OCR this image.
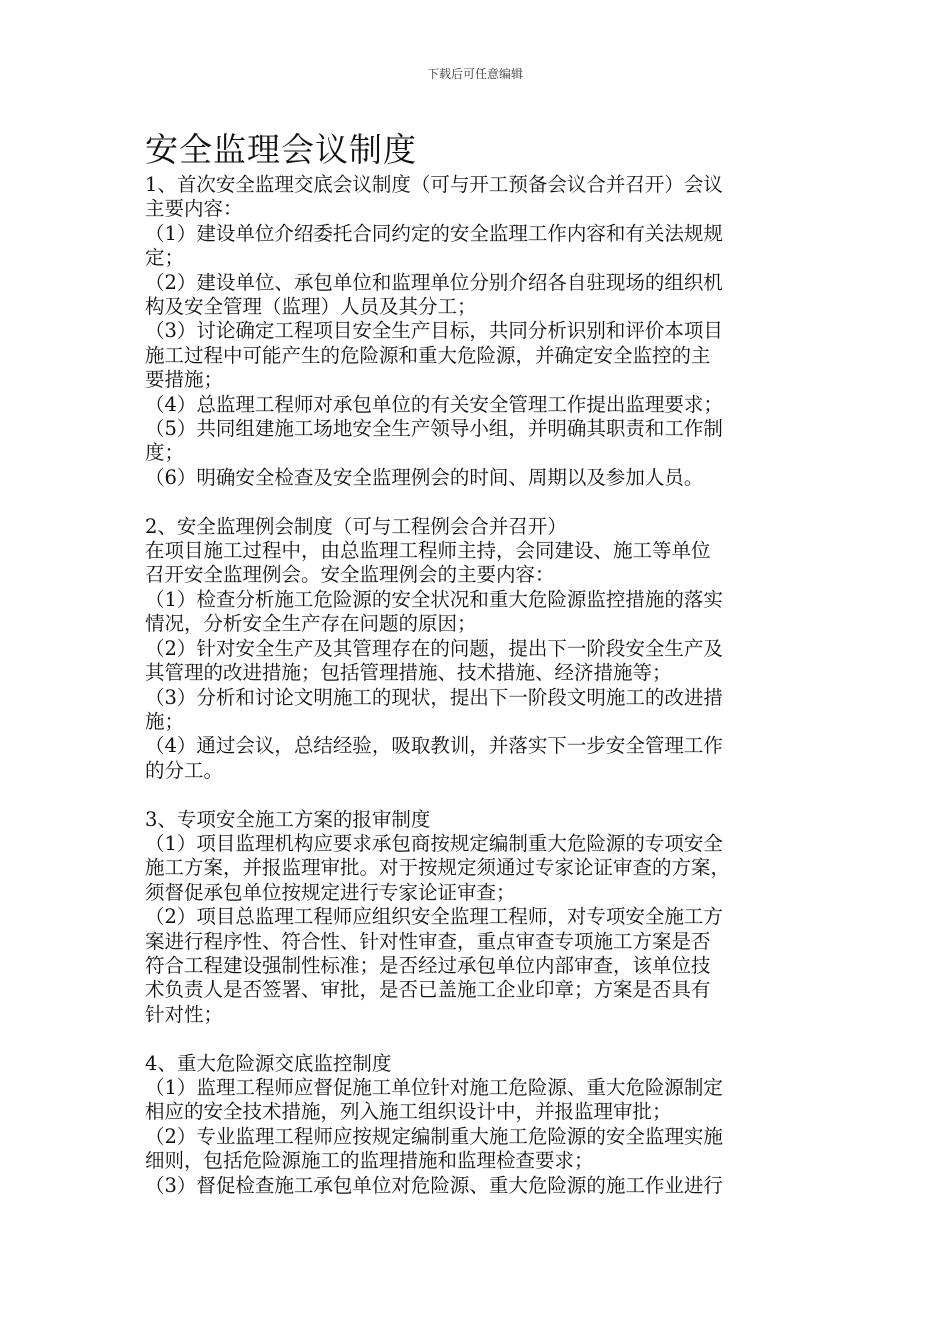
下载后可任意编辑
安全监理会议制度

1、首次安全监理交底会议制度（可与开工预备会议合并召开）会议

主要内容：

（1）建设单位介绍委托合同约定的安全监理工作内容和有关法规规

定；

（2）建设单位、承包单位和监理单位分别介绍各自驻现场的组织机

构及安全管理（监理）人员及其分工；

（3）讨论确定工程项目安全生产目标，共同分析识别和评价本项目

施工过程中可能产生的危险源和重大危险源，并确定安全监控的主

要措施；

（4）总监理工程师对承包单位的有关安全管理工作提出监理要求；

（5）共同组建施工场地安全生产领导小组，并明确其职责和工作制

度；

（6）明确安全检查及安全监理例会的时间、周期以及参加人员。

2、安全监理例会制度（可与工程例会合并召开）

在项目施工过程中，由总监理工程师主持，会同建设、施工等单位

召开安全监理例会。安全监理例会的主要内容：

（1）检查分析施工危险源的安全状况和重大危险源监控措施的落实

情况，分析安全生产存在问题的原因；

（2）针对安全生产及其管理存在的问题，提出下一阶段安全生产及

其管理的改进措施；包括管理措施、技术措施、经济措施等；

（3）分析和讨论文明施工的现状，提出下一阶段文明施工的改进措

施；

（4）通过会议，总结经验，吸取教训，并落实下一步安全管理工作

的分工。

3、专项安全施工方案的报审制度

（1）项目监理机构应要求承包商按规定编制重大危险源的专项安全

施工方案，并报监理审批。对于按规定须通过专家论证审查的方案，

须督促承包单位按规定进行专家论证审查；

（2）项目总监理工程师应组织安全监理工程师，对专项安全施工方

案进行程序性、符合性、针对性审查，重点审查专项施工方案是否

符合工程建设强制性标准；是否经过承包单位内部审查，该单位技

术负责人是否签署、审批，是否已盖施工企业印章；方案是否具有

针对性；

4、重大危险源交底监控制度

（1）监理工程师应督促施工单位针对施工危险源、重大危险源制定

相应的安全技术措施，列入施工组织设计中，并报监理审批；

（2）专业监理工程师应按规定编制重大施工危险源的安全监理实施

细则，包括危险源施工的监理措施和监理检查要求；

（3）督促检查施工承包单位对危险源、重大危险源的施工作业进行
